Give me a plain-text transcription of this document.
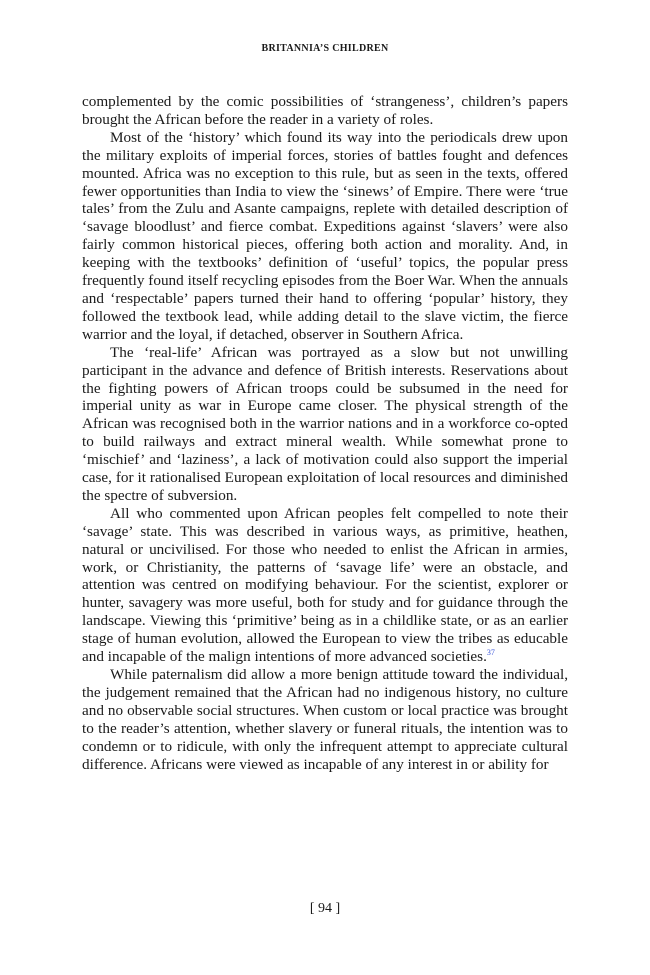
BRITANNIA’S CHILDREN

complemented by the comic possibilities of ‘strangeness’, children’s papers brought the African before the reader in a variety of roles.

Most of the ‘history’ which found its way into the periodicals drew upon the military exploits of imperial forces, stories of battles fought and defences mounted. Africa was no exception to this rule, but as seen in the texts, offered fewer opportunities than India to view the ‘sinews’ of Empire. There were ‘true tales’ from the Zulu and Asante campaigns, replete with detailed description of ‘savage bloodlust’ and fierce combat. Expeditions against ‘slavers’ were also fairly common historical pieces, offering both action and morality. And, in keeping with the textbooks’ definition of ‘useful’ topics, the popular press frequently found itself recycling episodes from the Boer War. When the annuals and ‘respectable’ papers turned their hand to offering ‘popular’ history, they followed the textbook lead, while adding detail to the slave victim, the fierce warrior and the loyal, if detached, observer in Southern Africa.

The ‘real-life’ African was portrayed as a slow but not unwilling participant in the advance and defence of British interests. Reservations about the fighting powers of African troops could be subsumed in the need for imperial unity as war in Europe came closer. The physical strength of the African was recognised both in the warrior nations and in a workforce co-opted to build railways and extract mineral wealth. While somewhat prone to ‘mischief’ and ‘laziness’, a lack of motivation could also support the imperial case, for it rationalised European exploitation of local resources and diminished the spectre of subversion.

All who commented upon African peoples felt compelled to note their ‘savage’ state. This was described in various ways, as primitive, heathen, natural or uncivilised. For those who needed to enlist the African in armies, work, or Christianity, the patterns of ‘savage life’ were an obstacle, and attention was centred on modifying behaviour. For the scientist, explorer or hunter, savagery was more useful, both for study and for guidance through the landscape. Viewing this ‘primitive’ being as in a childlike state, or as an earlier stage of human evolution, allowed the European to view the tribes as educable and incapable of the malign intentions of more advanced societies.$^{37}$

While paternalism did allow a more benign attitude toward the individual, the judgement remained that the African had no indigenous history, no culture and no observable social structures. When custom or local practice was brought to the reader’s attention, whether slavery or funeral rituals, the intention was to condemn or to ridicule, with only the infrequent attempt to appreciate cultural difference. Africans were viewed as incapable of any interest in or ability for

[ 94 ]
